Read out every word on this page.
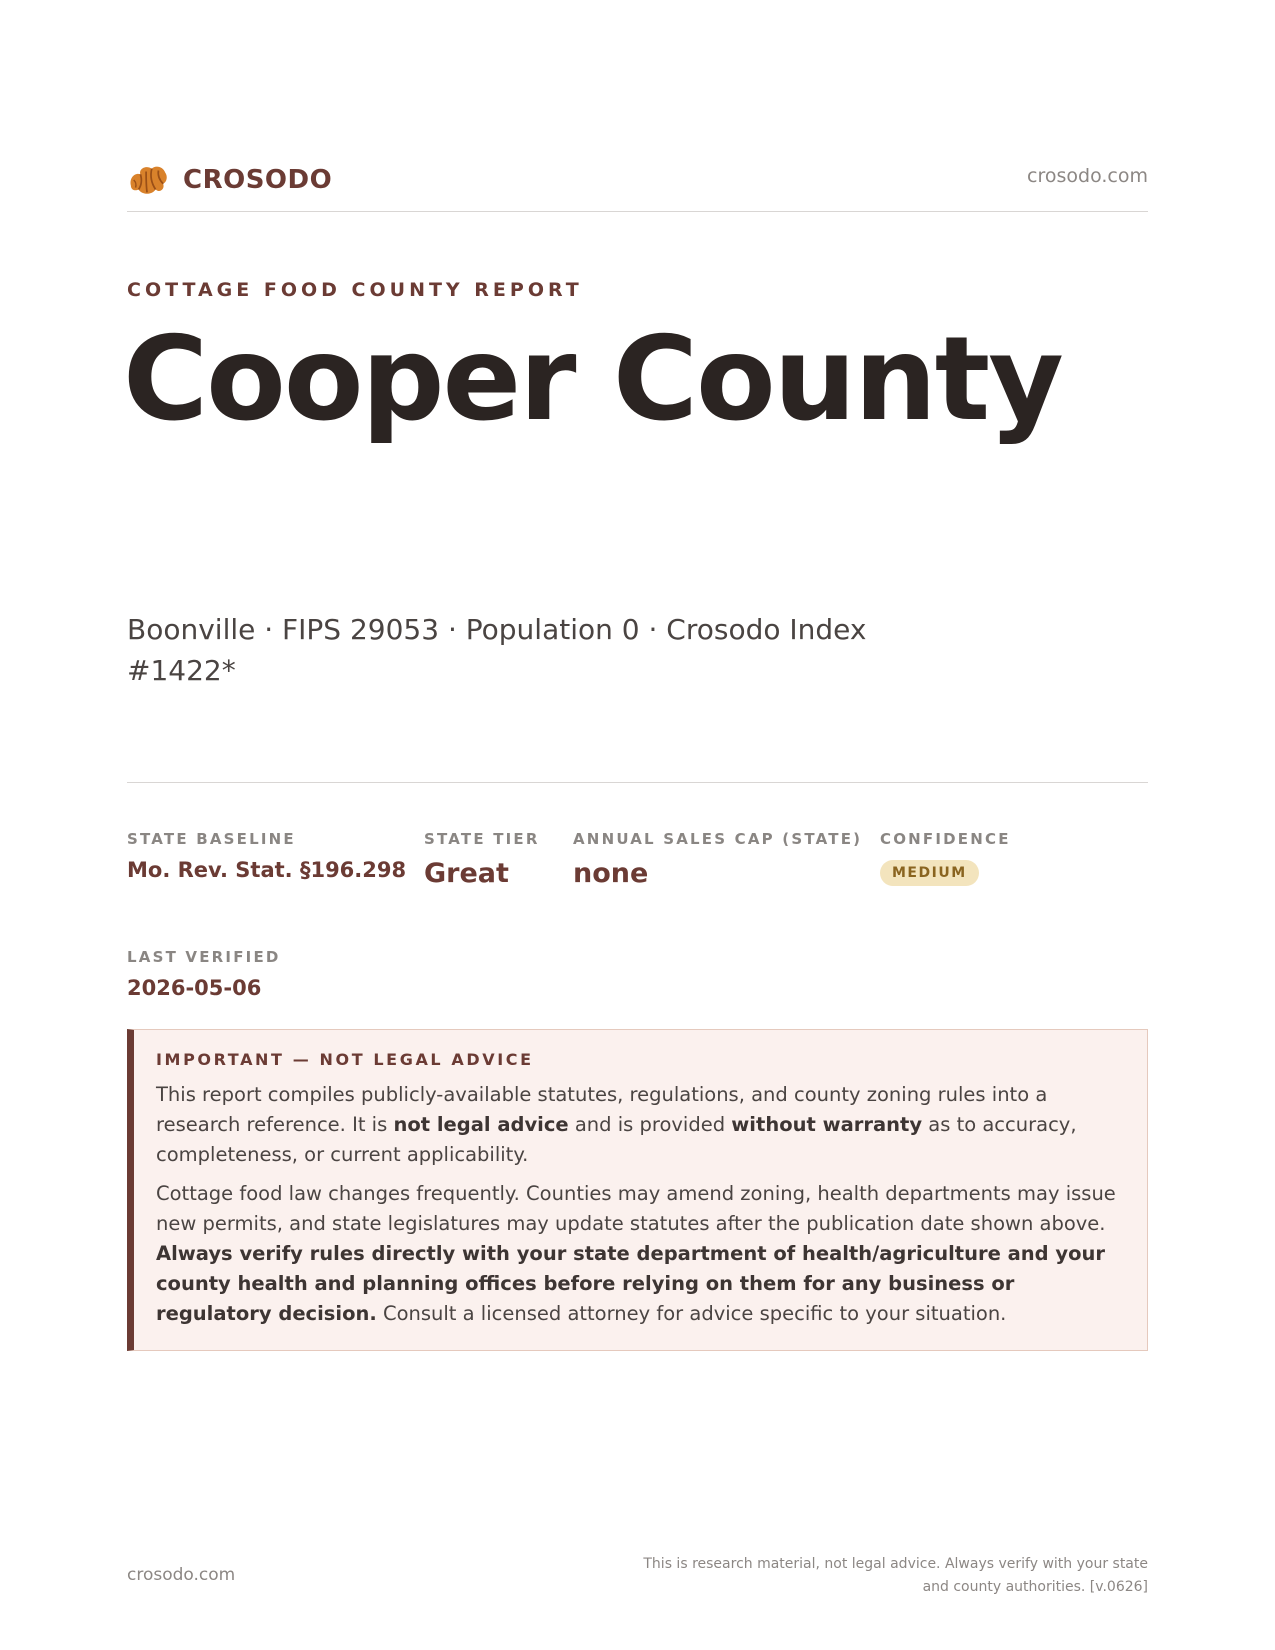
CROSODO	crosodo.com
COTTAGE FOOD COUNTY REPORT
Cooper County
Boonville · FIPS 29053 · Population 0 · Crosodo Index #1422*
STATE BASELINE
Mo. Rev. Stat. §196.298
STATE TIER
Great
ANNUAL SALES CAP (STATE)
none
CONFIDENCE
MEDIUM
LAST VERIFIED
2026-05-06
IMPORTANT — NOT LEGAL ADVICE

This report compiles publicly-available statutes, regulations, and county zoning rules into a research reference. It is not legal advice and is provided without warranty as to accuracy, completeness, or current applicability.

Cottage food law changes frequently. Counties may amend zoning, health departments may issue new permits, and state legislatures may update statutes after the publication date shown above. Always verify rules directly with your state department of health/agriculture and your county health and planning offices before relying on them for any business or regulatory decision. Consult a licensed attorney for advice specific to your situation.

crosodo.com
This is research material, not legal advice. Always verify with your state
and county authorities. [v.0626]
